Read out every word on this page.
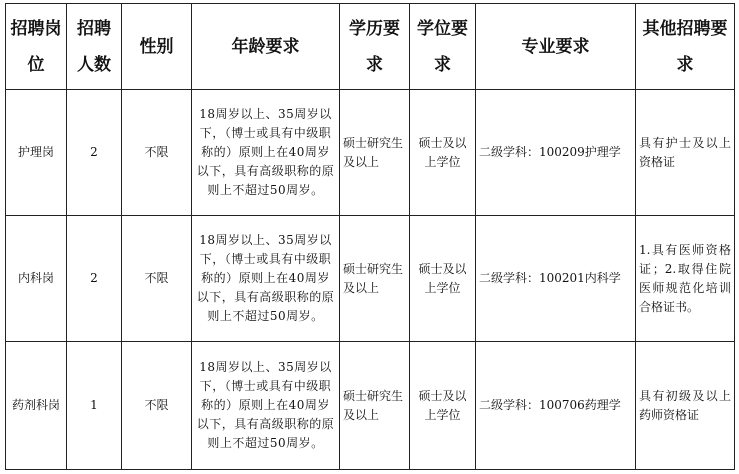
招聘岗位	招聘人数	性别	年龄要求	学历要求	学位要求	专业要求	其他招聘要求
护理岗	2	不限	18周岁以上、35周岁以下，（博士或具有中级职称的）原则上在40周岁以下，具有高级职称的原则上不超过50周岁。	硕士研究生及以上	硕士及以上学位	二级学科：100209护理学	具有护士及以上资格证
内科岗	2	不限	18周岁以上、35周岁以下，（博士或具有中级职称的）原则上在40周岁以下，具有高级职称的原则上不超过50周岁。	硕士研究生及以上	硕士及以上学位	二级学科：100201内科学	1.具有医师资格证；2.取得住院医师规范化培训合格证书。
药剂科岗	1	不限	18周岁以上、35周岁以下，（博士或具有中级职称的）原则上在40周岁以下，具有高级职称的原则上不超过50周岁。	硕士研究生及以上	硕士及以上学位	二级学科：100706药理学	具有初级及以上药师资格证
